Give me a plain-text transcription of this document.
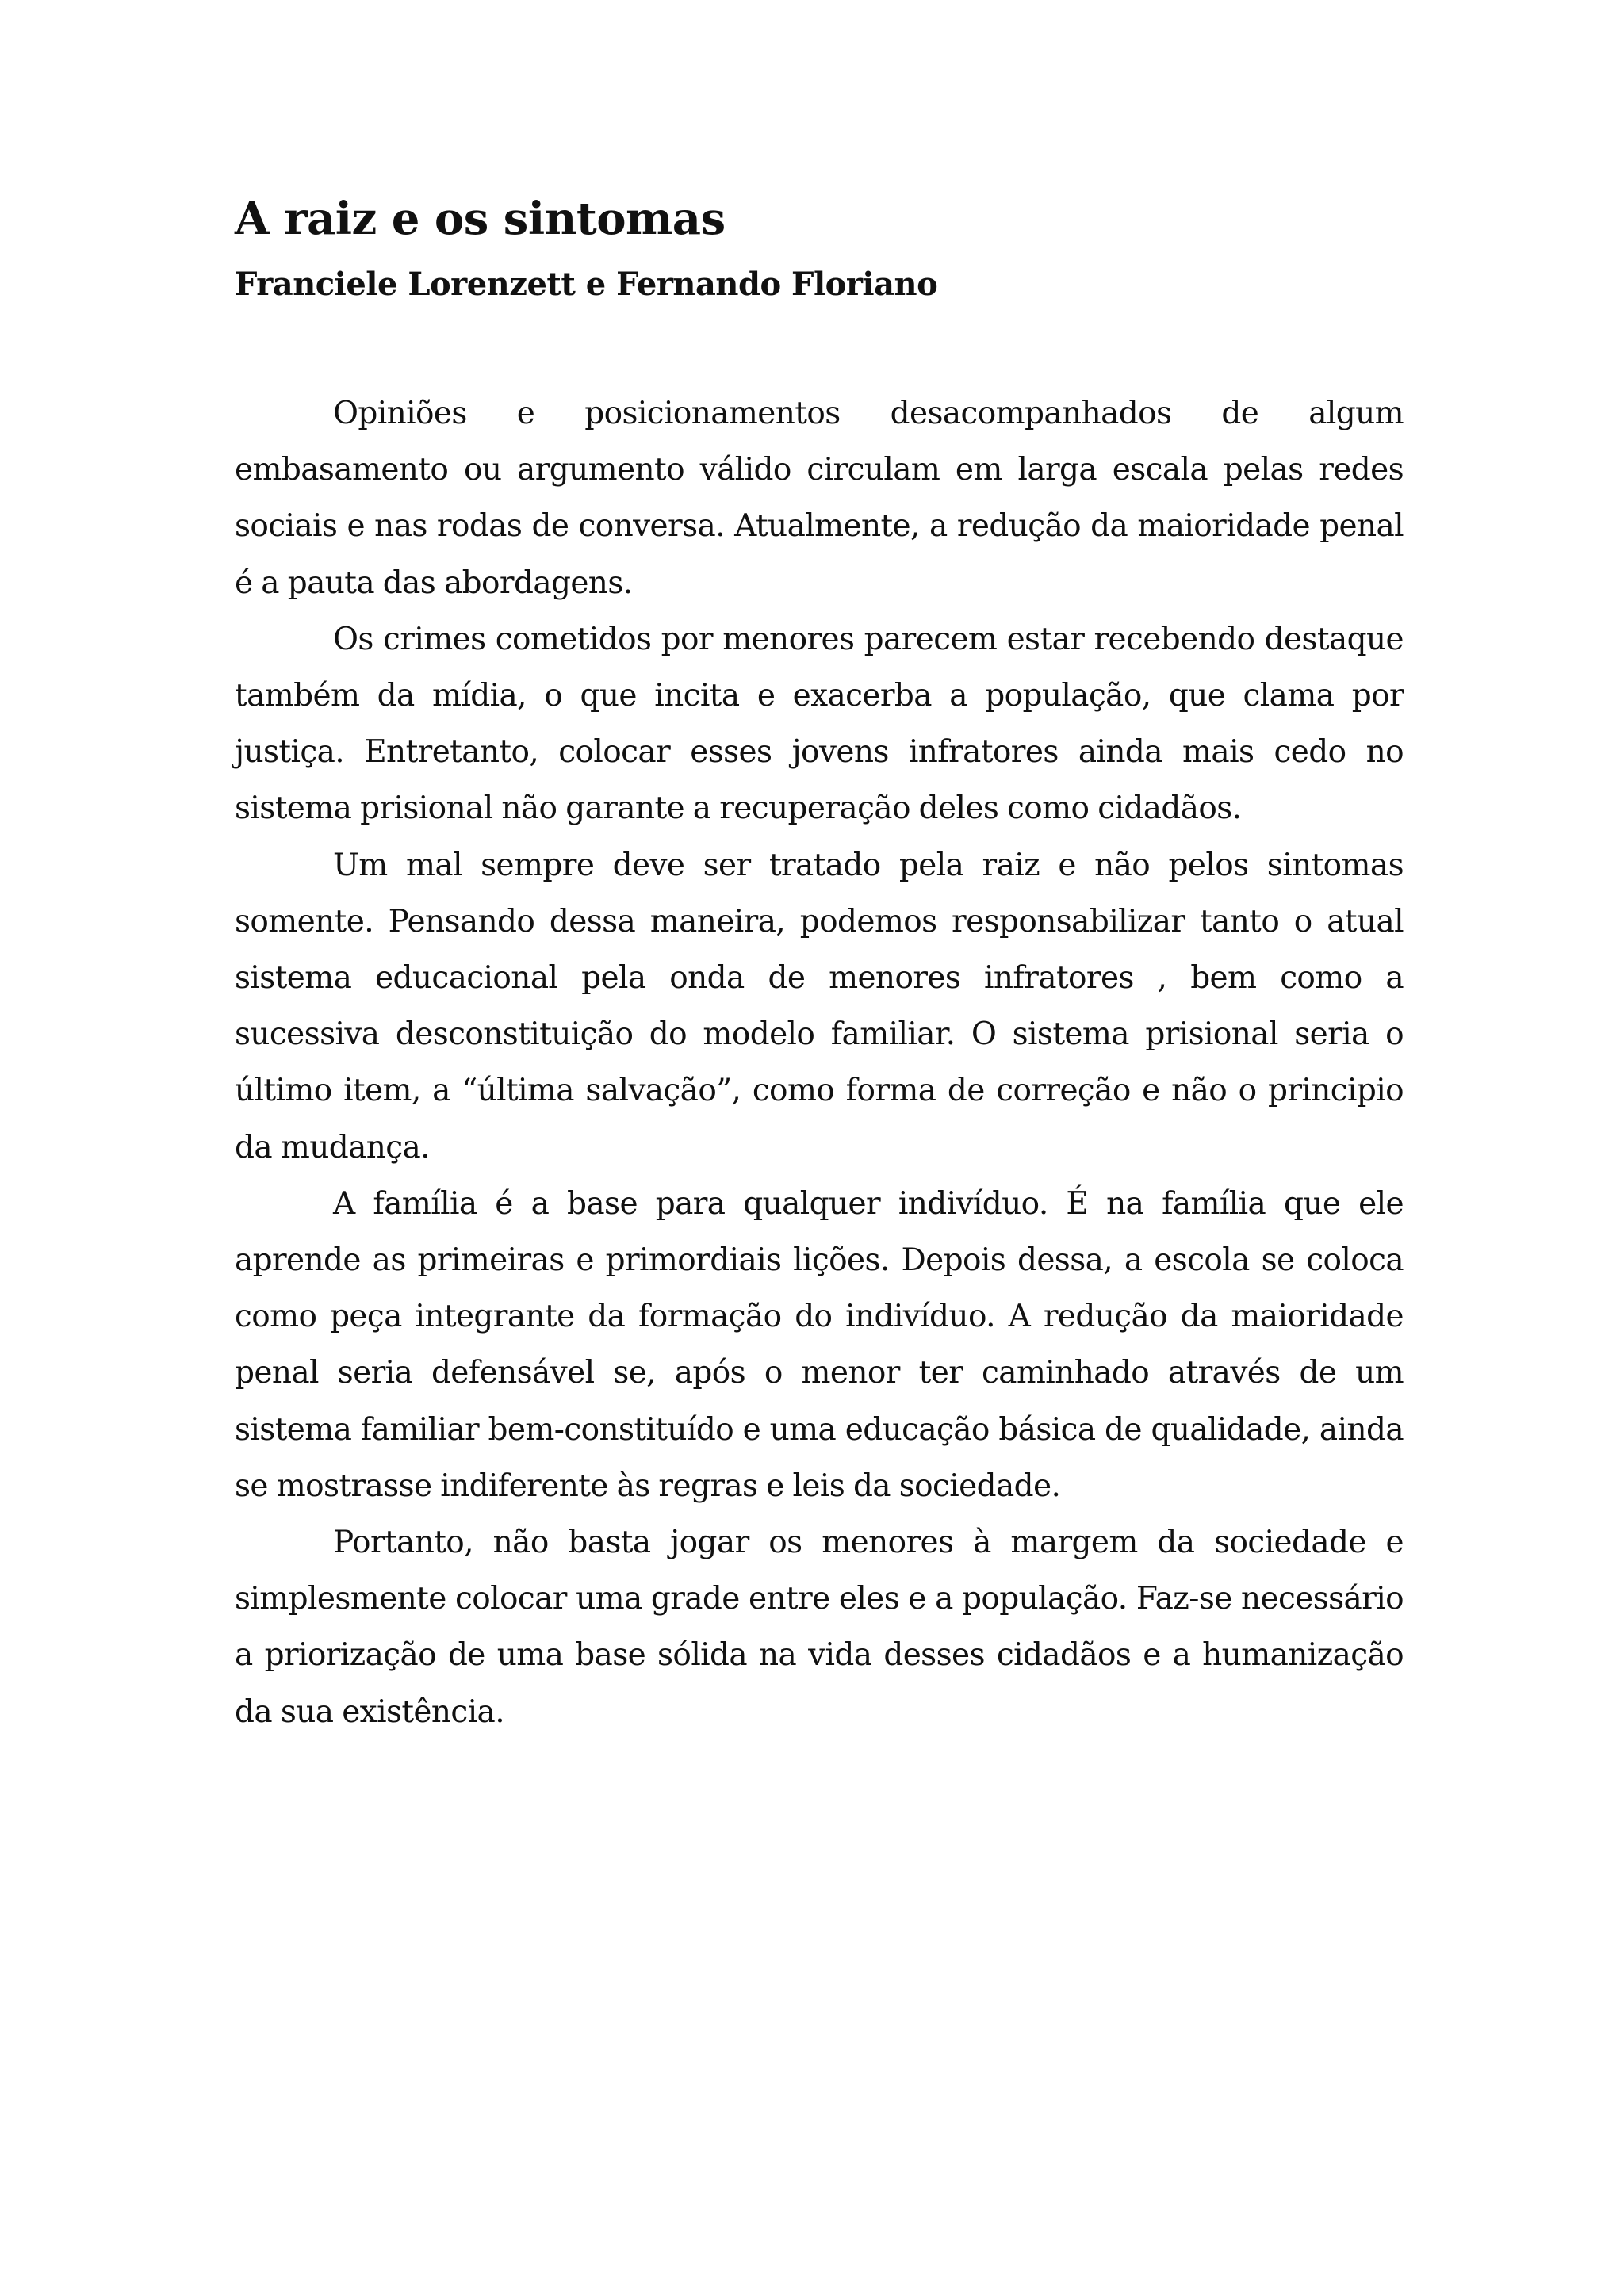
A raiz e os sintomas
Franciele Lorenzett e Fernando Floriano

Opiniões e posicionamentos desacompanhados de algum embasamento ou argumento válido circulam em larga escala pelas redes sociais e nas rodas de conversa. Atualmente, a redução da maioridade penal é a pauta das abordagens.

Os crimes cometidos por menores parecem estar recebendo destaque também da mídia, o que incita e exacerba a população, que clama por justiça. Entretanto, colocar esses jovens infratores ainda mais cedo no sistema prisional não garante a recuperação deles como cidadãos.

Um mal sempre deve ser tratado pela raiz e não pelos sintomas somente. Pensando dessa maneira, podemos responsabilizar tanto o atual sistema educacional pela onda de menores infratores , bem como a sucessiva desconstituição do modelo familiar. O sistema prisional seria o último item, a “última salvação”, como forma de correção e não o principio da mudança.

A família é a base para qualquer indivíduo. É na família que ele aprende as primeiras e primordiais lições. Depois dessa, a escola se coloca como peça integrante da formação do indivíduo. A redução da maioridade penal seria defensável se, após o menor ter caminhado através de um sistema familiar bem-constituído e uma educação básica de qualidade, ainda se mostrasse indiferente às regras e leis da sociedade.

Portanto, não basta jogar os menores à margem da sociedade e simplesmente colocar uma grade entre eles e a população. Faz-se necessário a priorização de uma base sólida na vida desses cidadãos e a humanização da sua existência.
